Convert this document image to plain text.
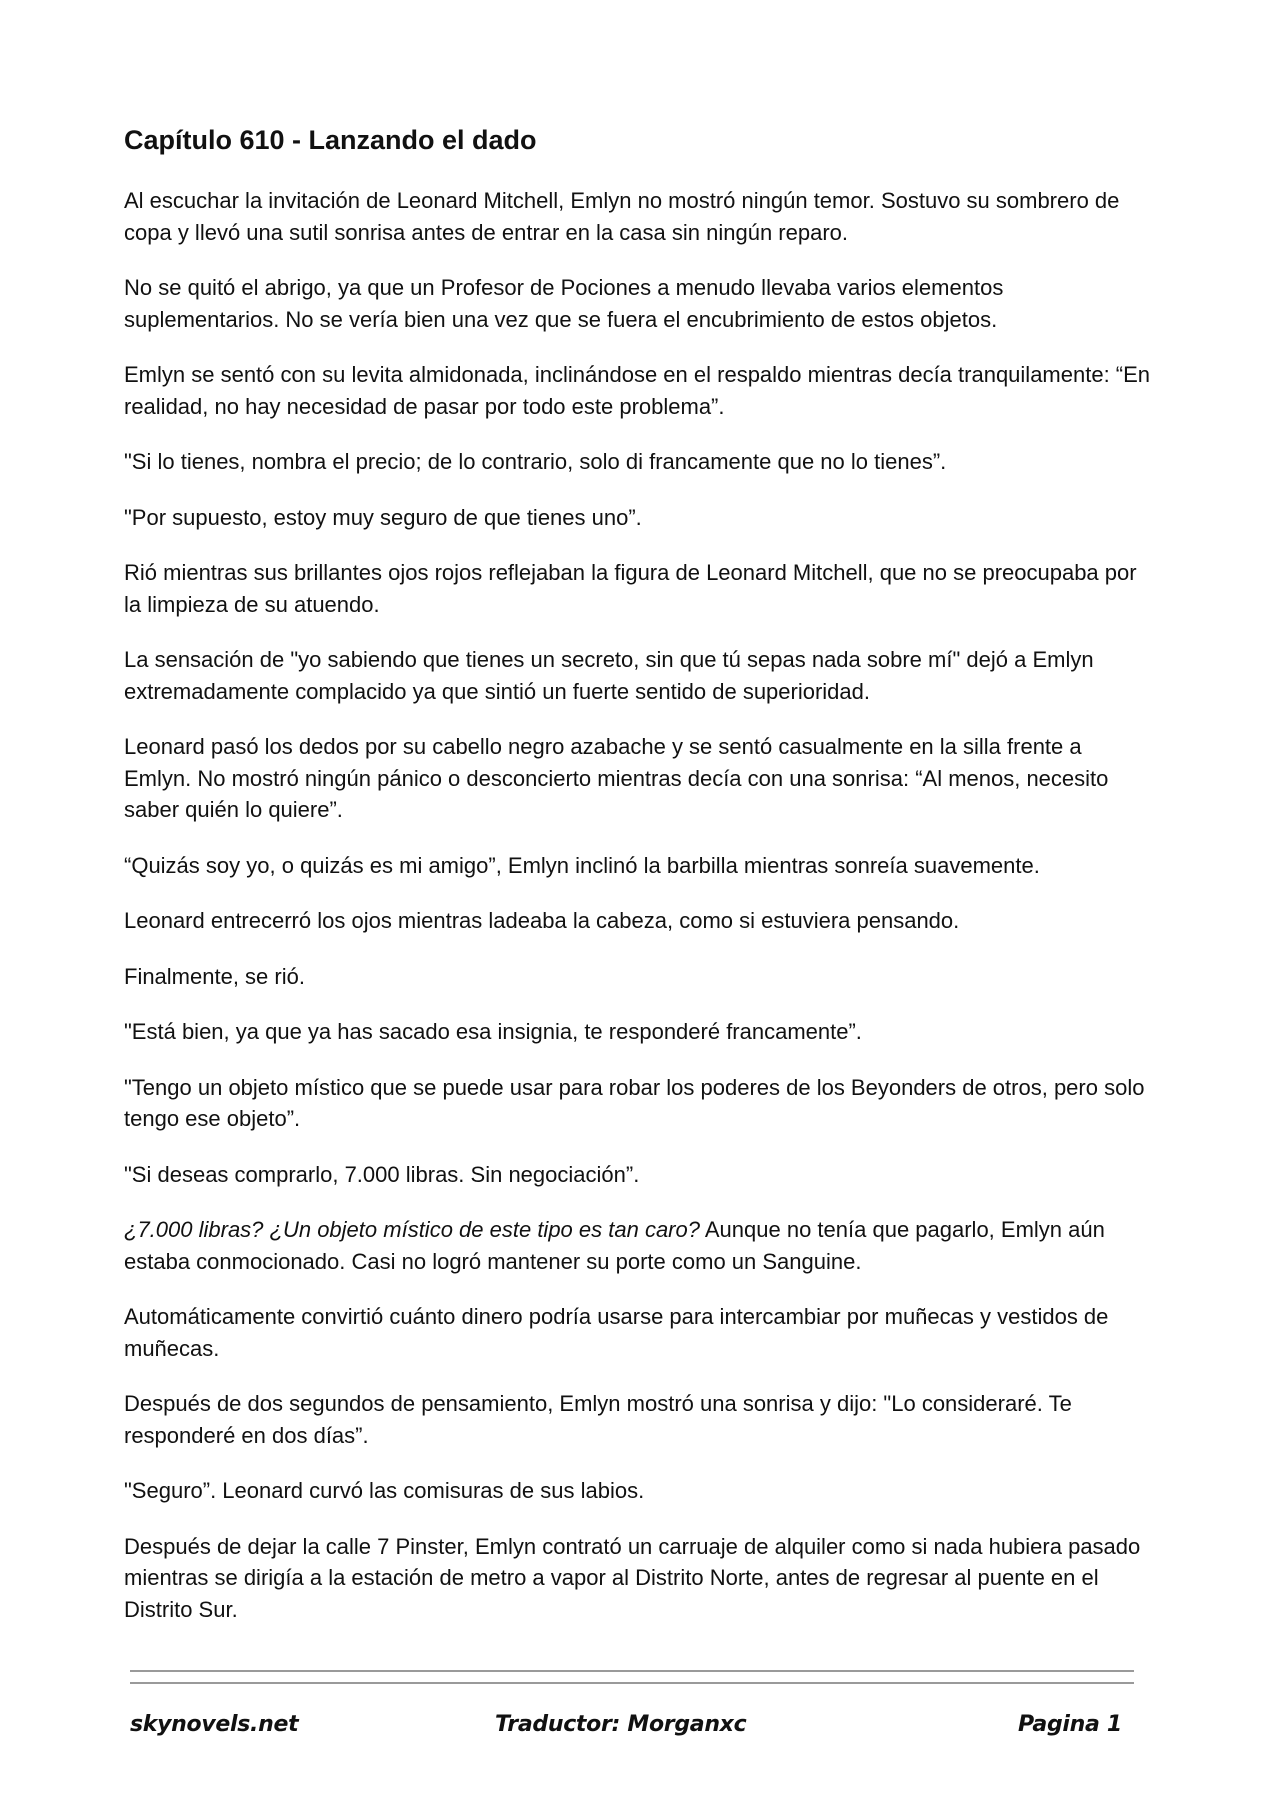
Capítulo 610 - Lanzando el dado

Al escuchar la invitación de Leonard Mitchell, Emlyn no mostró ningún temor. Sostuvo su sombrero de copa y llevó una sutil sonrisa antes de entrar en la casa sin ningún reparo.

No se quitó el abrigo, ya que un Profesor de Pociones a menudo llevaba varios elementos suplementarios. No se vería bien una vez que se fuera el encubrimiento de estos objetos.

Emlyn se sentó con su levita almidonada, inclinándose en el respaldo mientras decía tranquilamente: “En realidad, no hay necesidad de pasar por todo este problema”.

"Si lo tienes, nombra el precio; de lo contrario, solo di francamente que no lo tienes”.

"Por supuesto, estoy muy seguro de que tienes uno”.

Rió mientras sus brillantes ojos rojos reflejaban la figura de Leonard Mitchell, que no se preocupaba por la limpieza de su atuendo.

La sensación de "yo sabiendo que tienes un secreto, sin que tú sepas nada sobre mí" dejó a Emlyn extremadamente complacido ya que sintió un fuerte sentido de superioridad.

Leonard pasó los dedos por su cabello negro azabache y se sentó casualmente en la silla frente a Emlyn. No mostró ningún pánico o desconcierto mientras decía con una sonrisa: “Al menos, necesito saber quién lo quiere”.

“Quizás soy yo, o quizás es mi amigo”, Emlyn inclinó la barbilla mientras sonreía suavemente.

Leonard entrecerró los ojos mientras ladeaba la cabeza, como si estuviera pensando.

Finalmente, se rió.

"Está bien, ya que ya has sacado esa insignia, te responderé francamente”.

"Tengo un objeto místico que se puede usar para robar los poderes de los Beyonders de otros, pero solo tengo ese objeto”.

"Si deseas comprarlo, 7.000 libras. Sin negociación”.

¿7.000 libras? ¿Un objeto místico de este tipo es tan caro? Aunque no tenía que pagarlo, Emlyn aún estaba conmocionado. Casi no logró mantener su porte como un Sanguine.

Automáticamente convirtió cuánto dinero podría usarse para intercambiar por muñecas y vestidos de muñecas.

Después de dos segundos de pensamiento, Emlyn mostró una sonrisa y dijo: "Lo consideraré. Te responderé en dos días”.

"Seguro”. Leonard curvó las comisuras de sus labios.

Después de dejar la calle 7 Pinster, Emlyn contrató un carruaje de alquiler como si nada hubiera pasado mientras se dirigía a la estación de metro a vapor al Distrito Norte, antes de regresar al puente en el Distrito Sur.

skynovels.net	Traductor: Morganxc	Pagina 1
